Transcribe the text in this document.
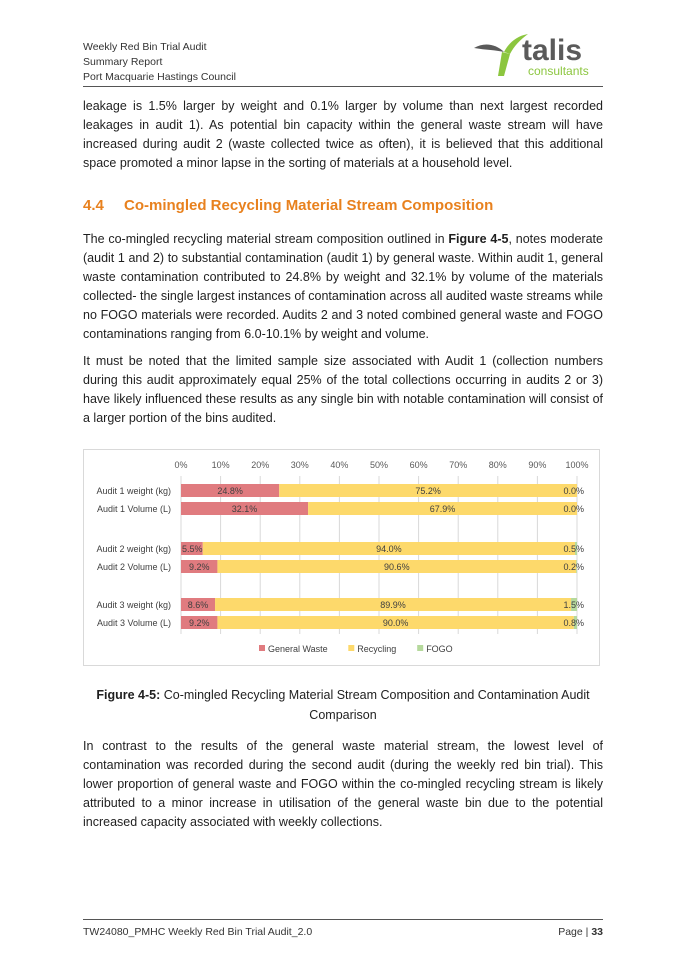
Weekly Red Bin Trial Audit
Summary Report
Port Macquarie Hastings Council
talis
consultants

leakage is 1.5% larger by weight and 0.1% larger by volume than next largest recorded leakages in audit 1). As potential bin capacity within the general waste stream will have increased during audit 2 (waste collected twice as often), it is believed that this additional space promoted a minor lapse in the sorting of materials at a household level.

4.4 Co-mingled Recycling Material Stream Composition

The co-mingled recycling material stream composition outlined in Figure 4-5, notes moderate (audit 1 and 2) to substantial contamination (audit 1) by general waste. Within audit 1, general waste contamination contributed to 24.8% by weight and 32.1% by volume of the materials collected- the single largest instances of contamination across all audited waste streams while no FOGO materials were recorded. Audits 2 and 3 noted combined general waste and FOGO contaminations ranging from 6.0-10.1% by weight and volume.

It must be noted that the limited sample size associated with Audit 1 (collection numbers during this audit approximately equal 25% of the total collections occurring in audits 2 or 3) have likely influenced these results as any single bin with notable contamination will consist of a larger portion of the bins audited.

0%	10% 20% 30% 40% 50% 60% 70% 80% 90% 100%
Audit 1 weight (kg)
Audit 1 Volume (L)
Audit 2 weight (kg)
Audit 2 Volume (L)
Audit 3 weight (kg)
Audit 3 Volume (L)
24.8%	75.2%	0.0%
32.1%	67.9%	0.0%
5.5%	94.0%	0.5%
9.2%	90.6%	0.2%
8.6%	89.9%	1.5%
9.2%	90.0%	0.8%
General Waste	Recycling	FOGO

Figure 4-5: Co-mingled Recycling Material Stream Composition and Contamination Audit Comparison

In contrast to the results of the general waste material stream, the lowest level of contamination was recorded during the second audit (during the weekly red bin trial). This lower proportion of general waste and FOGO within the co-mingled recycling stream is likely attributed to a minor increase in utilisation of the general waste bin due to the potential increased capacity associated with weekly collections.

TW24080_PMHC Weekly Red Bin Trial Audit_2.0	Page | 33
